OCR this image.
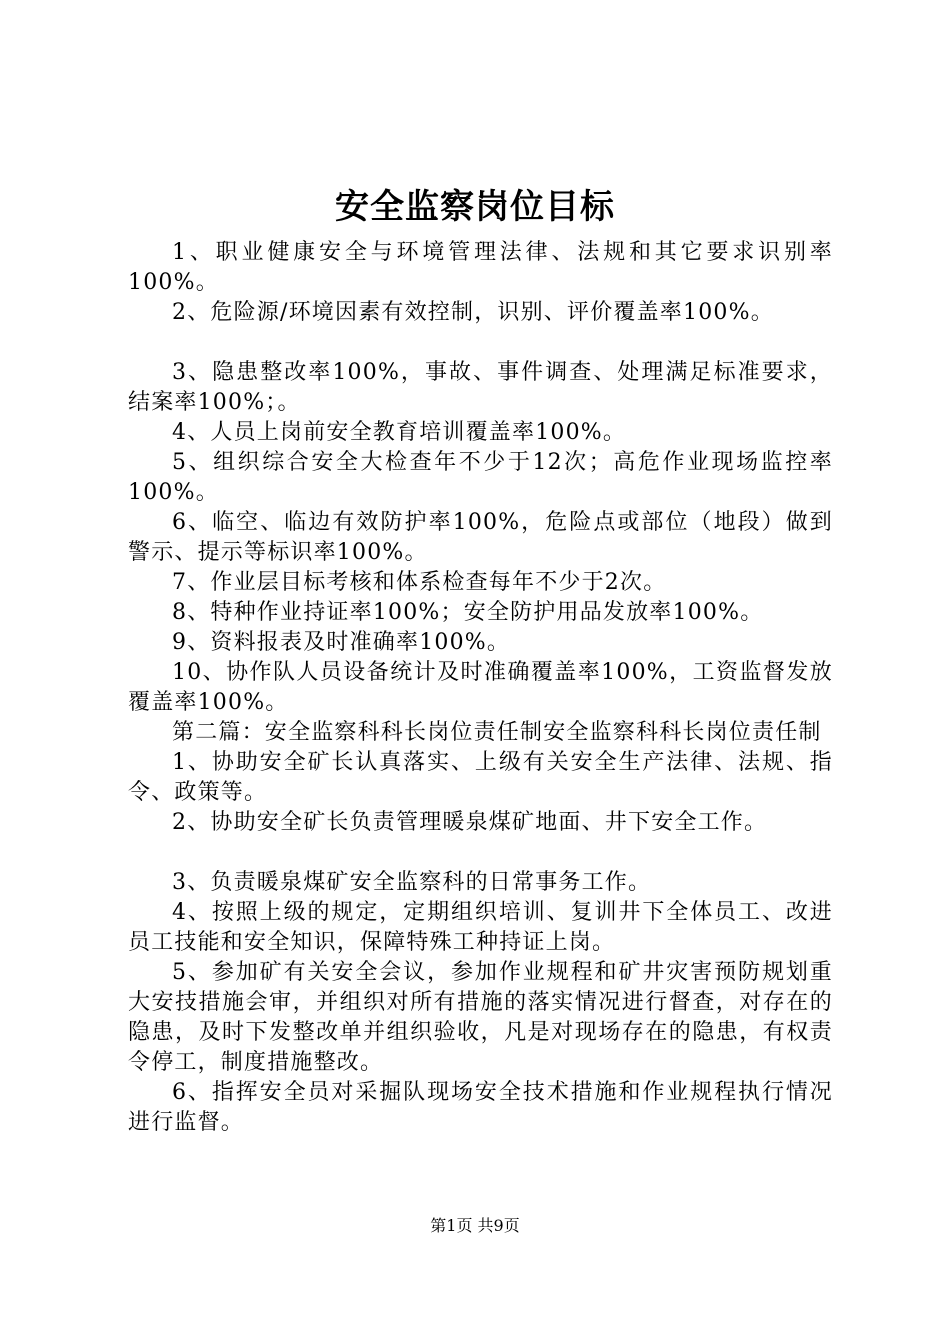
安全监察岗位目标

1、职业健康安全与环境管理法律、法规和其它要求识别率100%。

2、危险源/环境因素有效控制，识别、评价覆盖率100%。

3、隐患整改率100%，事故、事件调查、处理满足标准要求，结案率100%；。

4、人员上岗前安全教育培训覆盖率100%。

5、组织综合安全大检查年不少于12次；高危作业现场监控率100%。

6、临空、临边有效防护率100%，危险点或部位（地段）做到警示、提示等标识率100%。

7、作业层目标考核和体系检查每年不少于2次。

8、特种作业持证率100%；安全防护用品发放率100%。

9、资料报表及时准确率100%。

10、协作队人员设备统计及时准确覆盖率100%，工资监督发放覆盖率100%。

第二篇：安全监察科科长岗位责任制安全监察科科长岗位责任制

1、协助安全矿长认真落实、上级有关安全生产法律、法规、指令、政策等。

2、协助安全矿长负责管理暖泉煤矿地面、井下安全工作。

3、负责暖泉煤矿安全监察科的日常事务工作。

4、按照上级的规定，定期组织培训、复训井下全体员工、改进员工技能和安全知识，保障特殊工种持证上岗。

5、参加矿有关安全会议，参加作业规程和矿井灾害预防规划重大安技措施会审，并组织对所有措施的落实情况进行督查，对存在的隐患，及时下发整改单并组织验收，凡是对现场存在的隐患，有权责令停工，制度措施整改。

6、指挥安全员对采掘队现场安全技术措施和作业规程执行情况进行监督。

第1页 共9页
